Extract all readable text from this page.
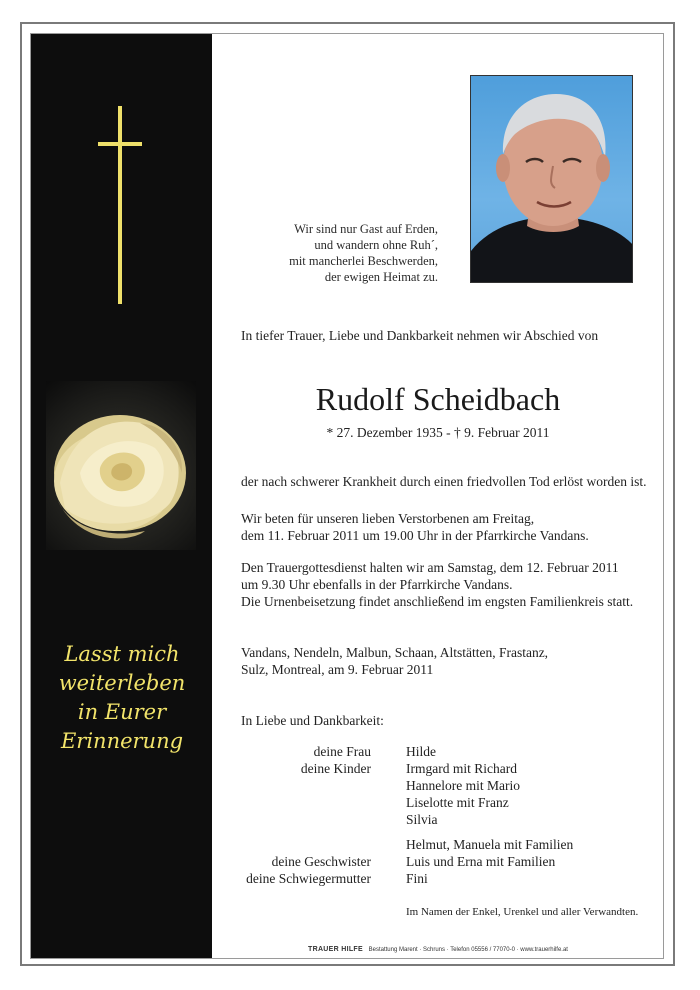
Lasst mich
weiterleben
in Eurer
Erinnerung
Wir sind nur Gast auf Erden,
und wandern ohne Ruh´,
mit mancherlei Beschwerden,
der ewigen Heimat zu.
In tiefer Trauer, Liebe und Dankbarkeit nehmen wir Abschied von
Rudolf Scheidbach
* 27. Dezember 1935 - † 9. Februar 2011
der nach schwerer Krankheit durch einen friedvollen Tod erlöst worden ist.
Wir beten für unseren lieben Verstorbenen am Freitag,
dem 11. Februar 2011 um 19.00 Uhr in der Pfarrkirche Vandans.
Den Trauergottesdienst halten wir am Samstag, dem 12. Februar 2011
um 9.30 Uhr ebenfalls in der Pfarrkirche Vandans.
Die Urnenbeisetzung findet anschließend im engsten Familienkreis statt.
Vandans, Nendeln, Malbun, Schaan, Altstätten, Frastanz,
Sulz, Montreal, am 9. Februar 2011
In Liebe und Dankbarkeit:
deine Frau	Hilde
deine Kinder	Irmgard mit Richard
Hannelore mit Mario
Liselotte mit Franz
Silvia
Helmut, Manuela mit Familien
deine Geschwister	Luis und Erna mit Familien
deine Schwiegermutter	Fini
Im Namen der Enkel, Urenkel und aller Verwandten.
TRAUER HILFE Bestattung Marent · Schruns · Telefon 05556 / 77070-0 · www.trauerhilfe.at
